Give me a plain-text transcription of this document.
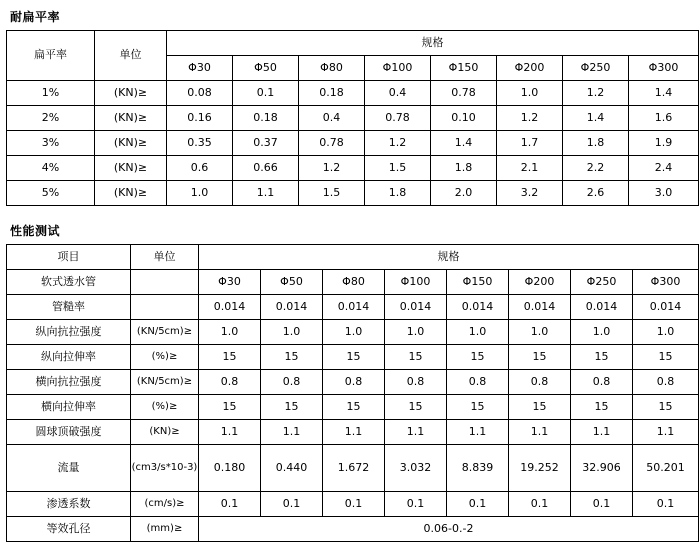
耐扁平率
扁平率	单位	规格							
		Φ30	Φ50	Φ80	Φ100	Φ150	Φ200	Φ250	Φ300
1%	(KN)≥	0.08	0.1	0.18	0.4	0.78	1.0	1.2	1.4
2%	(KN)≥	0.16	0.18	0.4	0.78	0.10	1.2	1.4	1.6
3%	(KN)≥	0.35	0.37	0.78	1.2	1.4	1.7	1.8	1.9
4%	(KN)≥	0.6	0.66	1.2	1.5	1.8	2.1	2.2	2.4
5%	(KN)≥	1.0	1.1	1.5	1.8	2.0	3.2	2.6	3.0
性能测试
项目	单位	规格							
软式透水管		Φ30	Φ50	Φ80	Φ100	Φ150	Φ200	Φ250	Φ300
管糙率		0.014	0.014	0.014	0.014	0.014	0.014	0.014	0.014
纵向抗拉强度	(KN/5cm)≥	1.0	1.0	1.0	1.0	1.0	1.0	1.0	1.0
纵向拉伸率	(%)≥	15	15	15	15	15	15	15	15
横向抗拉强度	(KN/5cm)≥	0.8	0.8	0.8	0.8	0.8	0.8	0.8	0.8
横向拉伸率	(%)≥	15	15	15	15	15	15	15	15
圆球顶破强度	(KN)≥	1.1	1.1	1.1	1.1	1.1	1.1	1.1	1.1
流量	(cm3/s*10-3)	0.180	0.440	1.672	3.032	8.839	19.252	32.906	50.201
渗透系数	(cm/s)≥	0.1	0.1	0.1	0.1	0.1	0.1	0.1	0.1
等效孔径	(mm)≥	0.06-0.-2							
